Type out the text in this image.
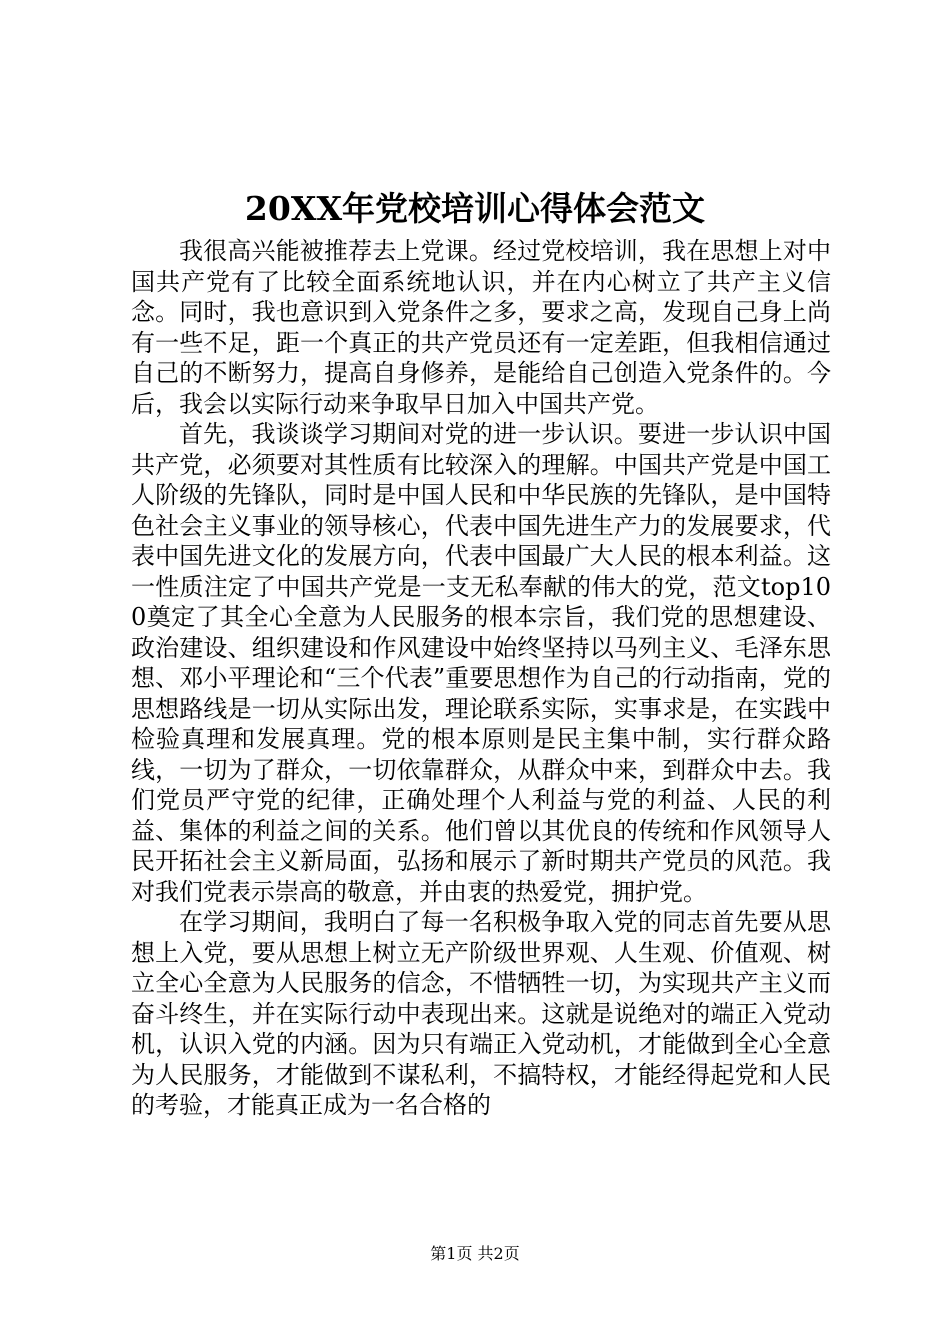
20XX年党校培训心得体会范文

我很高兴能被推荐去上党课。经过党校培训，我在思想上对中国共产党有了比较全面系统地认识，并在内心树立了共产主义信念。同时，我也意识到入党条件之多，要求之高，发现自己身上尚有一些不足，距一个真正的共产党员还有一定差距，但我相信通过自己的不断努力，提高自身修养，是能给自己创造入党条件的。今后，我会以实际行动来争取早日加入中国共产党。

首先，我谈谈学习期间对党的进一步认识。要进一步认识中国共产党，必须要对其性质有比较深入的理解。中国共产党是中国工人阶级的先锋队，同时是中国人民和中华民族的先锋队，是中国特色社会主义事业的领导核心，代表中国先进生产力的发展要求，代表中国先进文化的发展方向，代表中国最广大人民的根本利益。这一性质注定了中国共产党是一支无私奉献的伟大的党，范文top100奠定了其全心全意为人民服务的根本宗旨，我们党的思想建设、政治建设、组织建设和作风建设中始终坚持以马列主义、毛泽东思想、邓小平理论和“三个代表”重要思想作为自己的行动指南，党的思想路线是一切从实际出发，理论联系实际，实事求是，在实践中检验真理和发展真理。党的根本原则是民主集中制，实行群众路线，一切为了群众，一切依靠群众，从群众中来，到群众中去。我们党员严守党的纪律，正确处理个人利益与党的利益、人民的利益、集体的利益之间的关系。他们曾以其优良的传统和作风领导人民开拓社会主义新局面，弘扬和展示了新时期共产党员的风范。我对我们党表示崇高的敬意，并由衷的热爱党，拥护党。

在学习期间，我明白了每一名积极争取入党的同志首先要从思想上入党，要从思想上树立无产阶级世界观、人生观、价值观、树立全心全意为人民服务的信念，不惜牺牲一切，为实现共产主义而奋斗终生，并在实际行动中表现出来。这就是说绝对的端正入党动机，认识入党的内涵。因为只有端正入党动机，才能做到全心全意为人民服务，才能做到不谋私利，不搞特权，才能经得起党和人民的考验，才能真正成为一名合格的

第1页 共2页
